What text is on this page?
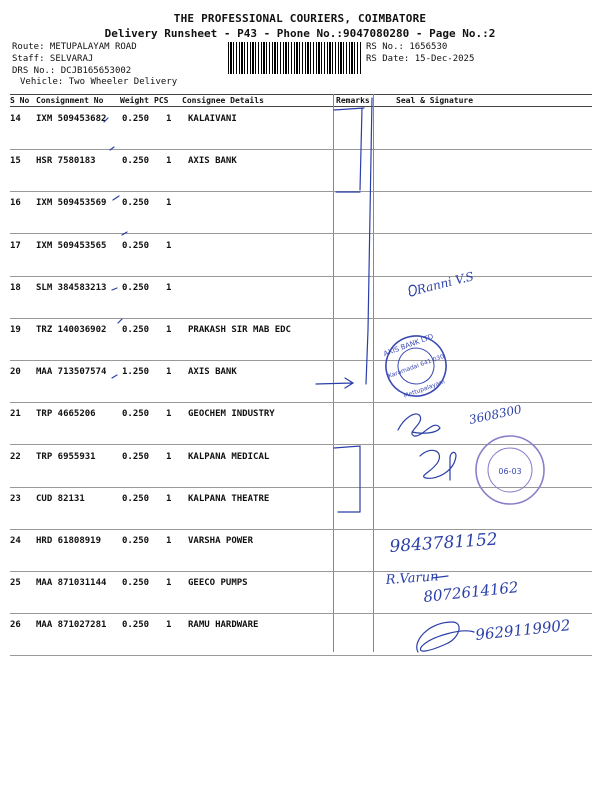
THE PROFESSIONAL COURIERS, COIMBATORE
Delivery Runsheet - P43 - Phone No.:9047080280 - Page No.:2
Route: METUPALAYAM ROAD
Staff: SELVARAJ
DRS No.: DCJB165653002
Vehicle: Two Wheeler Delivery
RS No.: 1656530
RS Date: 15-Dec-2025
S No Consignment No Weight PCS Consignee Details	Remarks	Seal & Signature
14 IXM 509453682 0.250 1 KALAIVANI
15 HSR 7580183	0.250 1 AXIS BANK
16 IXM 509453569 0.250 1
17 IXM 509453565 0.250 1
18 SLM 384583213 0.250 1
19 TRZ 140036902 0.250 1 PRAKASH SIR MAB EDC
20 MAA 713507574 1.250 1 AXIS BANK
21 TRP 4665206	0.250 1 GEOCHEM INDUSTRY
22 TRP 6955931	0.250 1 KALPANA MEDICAL
23 CUD 82131	0.250 1 KALPANA THEATRE
24 HRD 61808919 0.250 1 VARSHA POWER
25 MAA 871031144 0.250 1 GEECO PUMPS
26 MAA 871027281 0.250 1 RAMU HARDWARE
Ranni V.S
AXIS BANK LTD
Karamadai 641 030
Mettupalayam
3608300
06-03
9843781152
R.Varun
8072614162
9629119902
